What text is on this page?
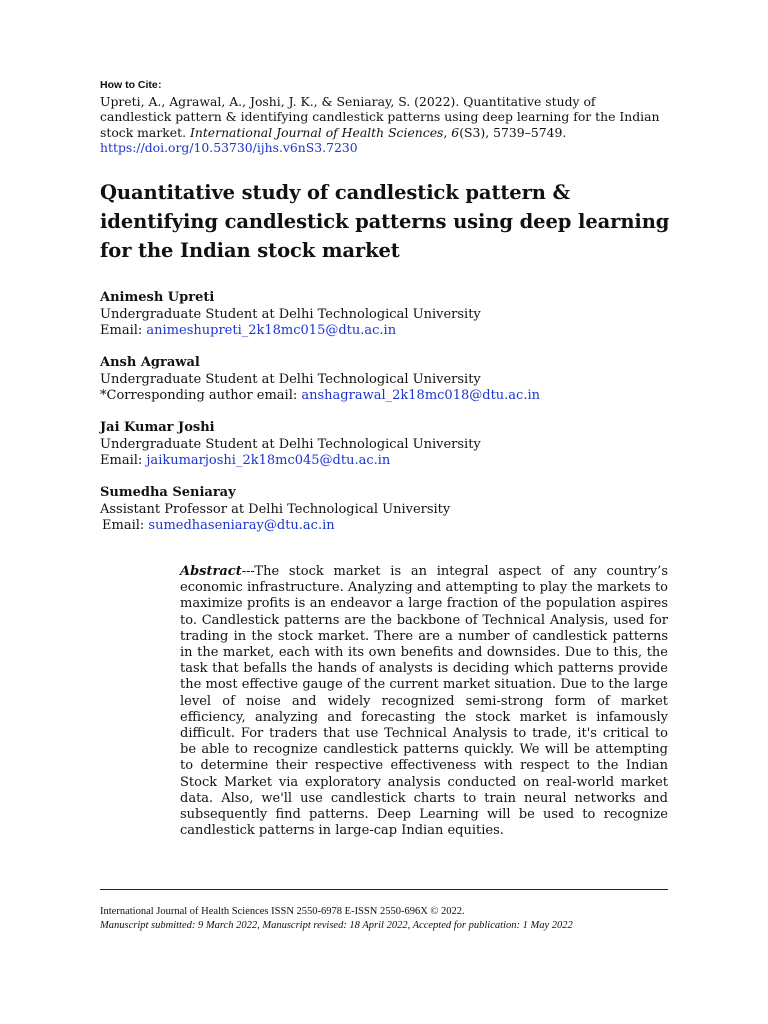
How to Cite:

Upreti, A., Agrawal, A., Joshi, J. K., & Seniaray, S. (2022). Quantitative study of candlestick pattern & identifying candlestick patterns using deep learning for the Indian stock market. International Journal of Health Sciences, 6(S3), 5739–5749.
https://doi.org/10.53730/ijhs.v6nS3.7230

Quantitative study of candlestick pattern & identifying candlestick patterns using deep learning for the Indian stock market
Animesh Upreti
Undergraduate Student at Delhi Technological University
Email: animeshupreti_2k18mc015@dtu.ac.in
Ansh Agrawal
Undergraduate Student at Delhi Technological University
*Corresponding author email: anshagrawal_2k18mc018@dtu.ac.in
Jai Kumar Joshi
Undergraduate Student at Delhi Technological University
Email: jaikumarjoshi_2k18mc045@dtu.ac.in
Sumedha Seniaray
Assistant Professor at Delhi Technological University
Email: sumedhaseniaray@dtu.ac.in

Abstract---The stock market is an integral aspect of any country’s economic infrastructure. Analyzing and attempting to play the markets to maximize profits is an endeavor a large fraction of the population aspires to. Candlestick patterns are the backbone of Technical Analysis, used for trading in the stock market. There are a number of candlestick patterns in the market, each with its own benefits and downsides. Due to this, the task that befalls the hands of analysts is deciding which patterns provide the most effective gauge of the current market situation. Due to the large level of noise and widely recognized semi-strong form of market efficiency, analyzing and forecasting the stock market is infamously difficult. For traders that use Technical Analysis to trade, it's critical to be able to recognize candlestick patterns quickly. We will be attempting to determine their respective effectiveness with respect to the Indian Stock Market via exploratory analysis conducted on real-world market data. Also, we'll use candlestick charts to train neural networks and subsequently find patterns. Deep Learning will be used to recognize candlestick patterns in large-cap Indian equities.

International Journal of Health Sciences ISSN 2550-6978 E-ISSN 2550-696X © 2022.
Manuscript submitted: 9 March 2022, Manuscript revised: 18 April 2022, Accepted for publication: 1 May 2022
